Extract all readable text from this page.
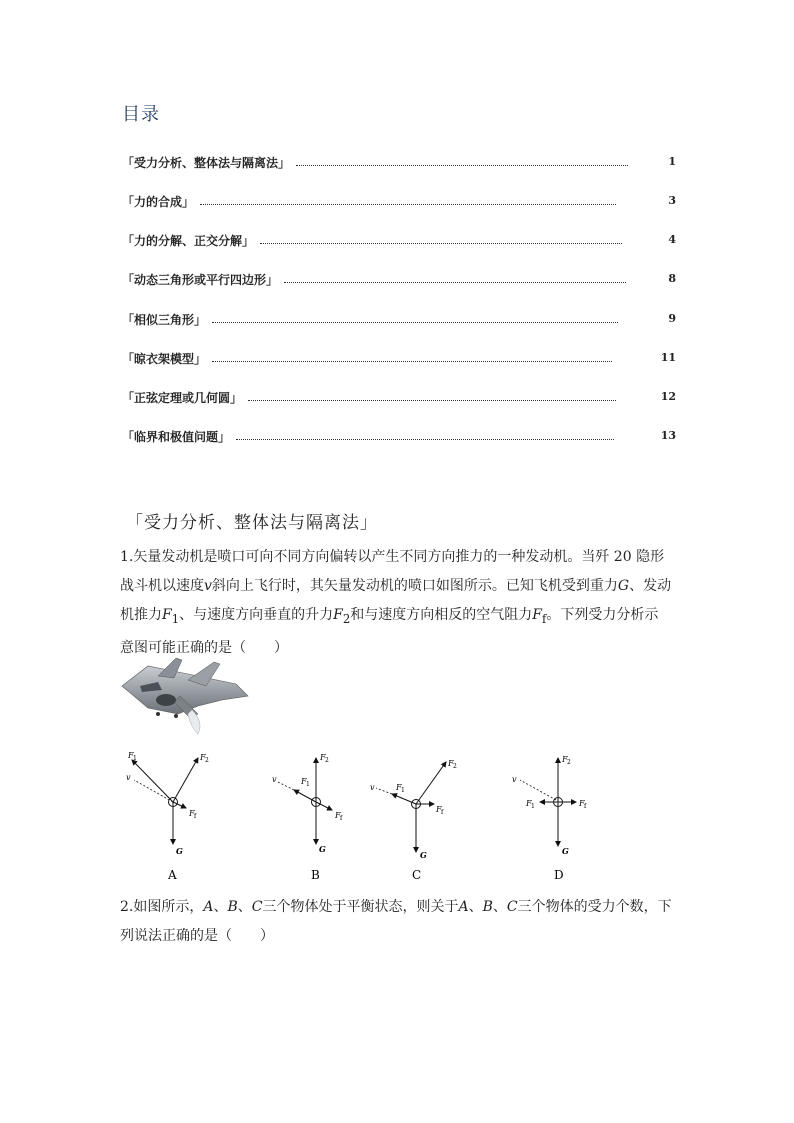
目录
「受力分析、整体法与隔离法」	1
「力的合成」	3
「力的分解、正交分解」	4
「动态三角形或平行四边形」	8
「相似三角形」	9
「晾衣架模型」	11
「正弦定理或几何圆」	12
「临界和极值问题」	13
「受力分析、整体法与隔离法」
1.矢量发动机是喷口可向不同方向偏转以产生不同方向推力的一种发动机。当歼 20 隐形战斗机以速度v斜向上飞行时，其矢量发动机的喷口如图所示。已知飞机受到重力G、发动机推力$F_1$、与速度方向垂直的升力$F_2$和与速度方向相反的空气阻力$F_f$。下列受力分析示意图可能正确的是（　　）
F 1	F 2
v
F f
G
A
F 2
F 1
v
F f
G
B
F 2
F 1
v
F f
G
C
F 2
F 1
v
F f
G
D
2.如图所示，A、B、C三个物体处于平衡状态，则关于A、B、C三个物体的受力个数，下列说法正确的是（　　）
